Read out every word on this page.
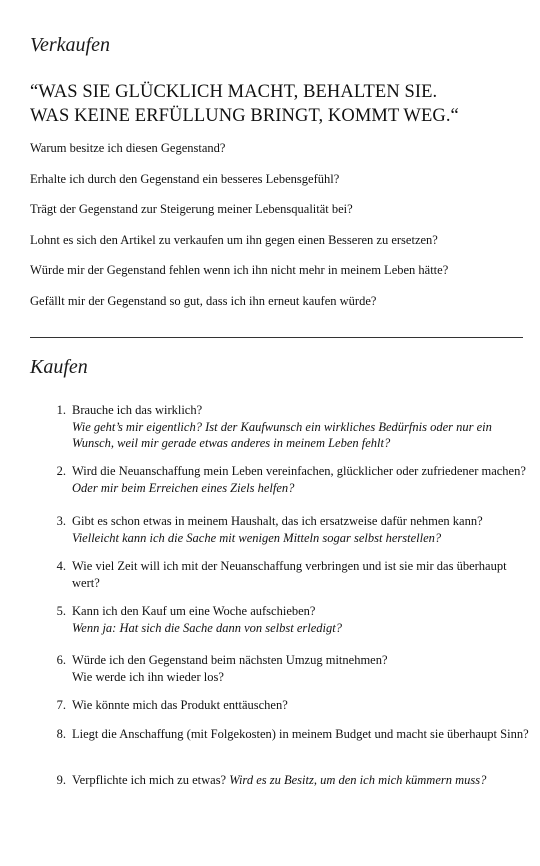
Verkaufen

“WAS SIE GLÜCKLICH MACHT, BEHALTEN SIE.
WAS KEINE ERFÜLLUNG BRINGT, KOMMT WEG.“

Warum besitze ich diesen Gegenstand?
Erhalte ich durch den Gegenstand ein besseres Lebensgefühl?
Trägt der Gegenstand zur Steigerung meiner Lebensqualität bei?
Lohnt es sich den Artikel zu verkaufen um ihn gegen einen Besseren zu ersetzen?
Würde mir der Gegenstand fehlen wenn ich ihn nicht mehr in meinem Leben hätte?
Gefällt mir der Gegenstand so gut, dass ich ihn erneut kaufen würde?
Kaufen
1. Brauche ich das wirklich?
Wie geht’s mir eigentlich? Ist der Kaufwunsch ein wirkliches Bedürfnis oder nur ein Wunsch, weil mir gerade etwas anderes in meinem Leben fehlt?
2. Wird die Neuanschaffung mein Leben vereinfachen, glücklicher oder zufriedener machen? Oder mir beim Erreichen eines Ziels helfen?
3. Gibt es schon etwas in meinem Haushalt, das ich ersatzweise dafür nehmen kann? Vielleicht kann ich die Sache mit wenigen Mitteln sogar selbst herstellen?
4. Wie viel Zeit will ich mit der Neuanschaffung verbringen und ist sie mir das überhaupt wert?
5. Kann ich den Kauf um eine Woche aufschieben?
Wenn ja: Hat sich die Sache dann von selbst erledigt?
6. Würde ich den Gegenstand beim nächsten Umzug mitnehmen?
Wie werde ich ihn wieder los?
7. Wie könnte mich das Produkt enttäuschen?
8. Liegt die Anschaffung (mit Folgekosten) in meinem Budget und macht sie überhaupt Sinn?
9. Verpflichte ich mich zu etwas? Wird es zu Besitz, um den ich mich kümmern muss?
